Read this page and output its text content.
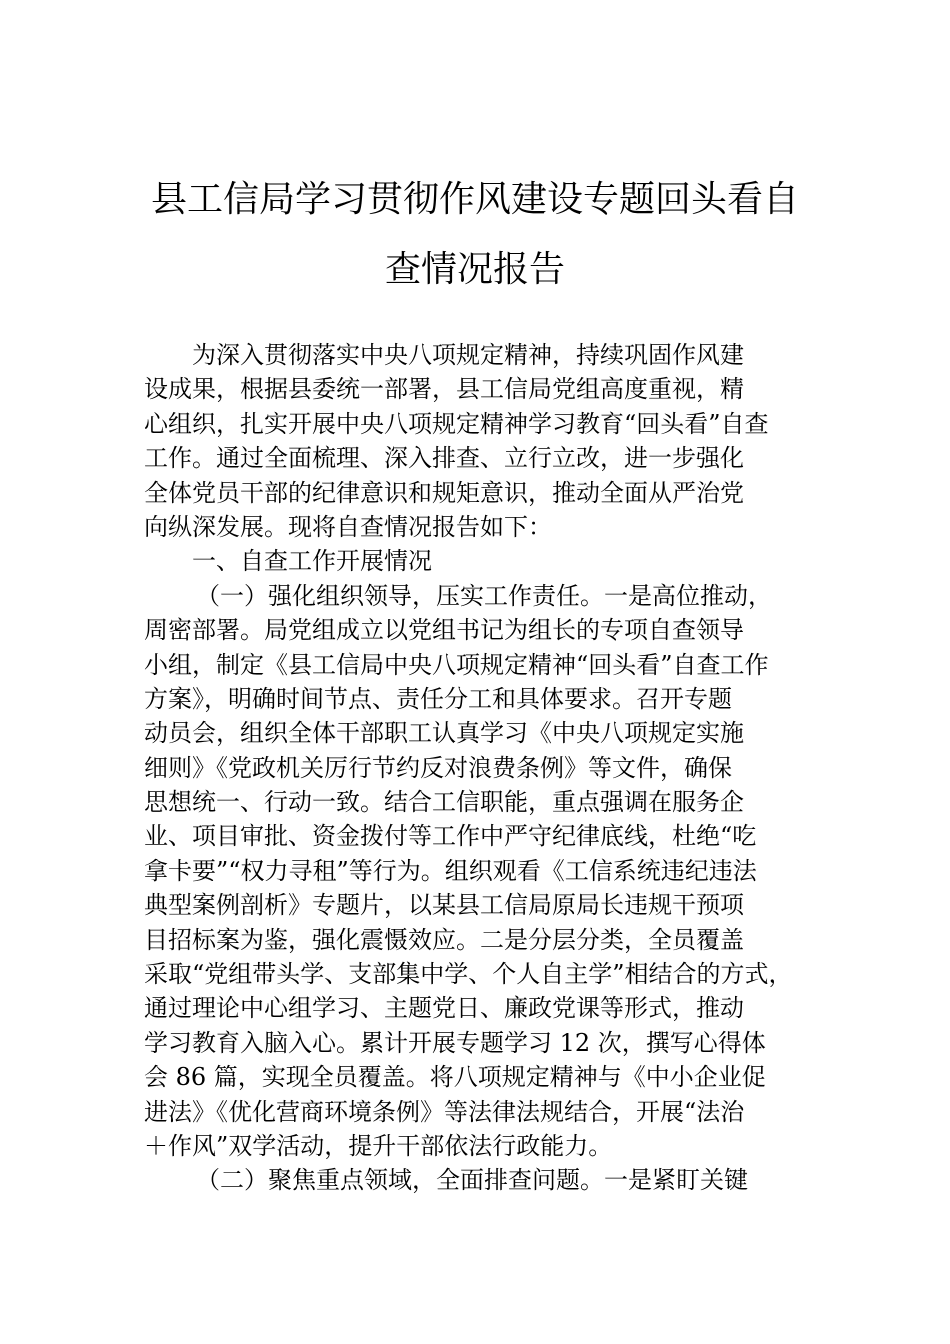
县工信局学习贯彻作风建设专题回头看自
查情况报告
为深入贯彻落实中央八项规定精神，持续巩固作风建
设成果，根据县委统一部署，县工信局党组高度重视，精
心组织，扎实开展中央八项规定精神学习教育“回头看”自查
工作。通过全面梳理、深入排查、立行立改，进一步强化
全体党员干部的纪律意识和规矩意识，推动全面从严治党
向纵深发展。现将自查情况报告如下：
一、自查工作开展情况
（一）强化组织领导，压实工作责任。一是高位推动，
周密部署。局党组成立以党组书记为组长的专项自查领导
小组，制定《县工信局中央八项规定精神“回头看”自查工作
方案》，明确时间节点、责任分工和具体要求。召开专题
动员会，组织全体干部职工认真学习《中央八项规定实施
细则》《党政机关厉行节约反对浪费条例》等文件，确保
思想统一、行动一致。结合工信职能，重点强调在服务企
业、项目审批、资金拨付等工作中严守纪律底线，杜绝“吃
拿卡要”“权力寻租”等行为。组织观看《工信系统违纪违法
典型案例剖析》专题片，以某县工信局原局长违规干预项
目招标案为鉴，强化震慑效应。二是分层分类，全员覆盖
采取“党组带头学、支部集中学、个人自主学”相结合的方式，
通过理论中心组学习、主题党日、廉政党课等形式，推动
学习教育入脑入心。累计开展专题学习 12 次，撰写心得体
会 86 篇，实现全员覆盖。将八项规定精神与《中小企业促
进法》《优化营商环境条例》等法律法规结合，开展“法治
＋作风”双学活动，提升干部依法行政能力。
（二）聚焦重点领域，全面排查问题。一是紧盯关键
